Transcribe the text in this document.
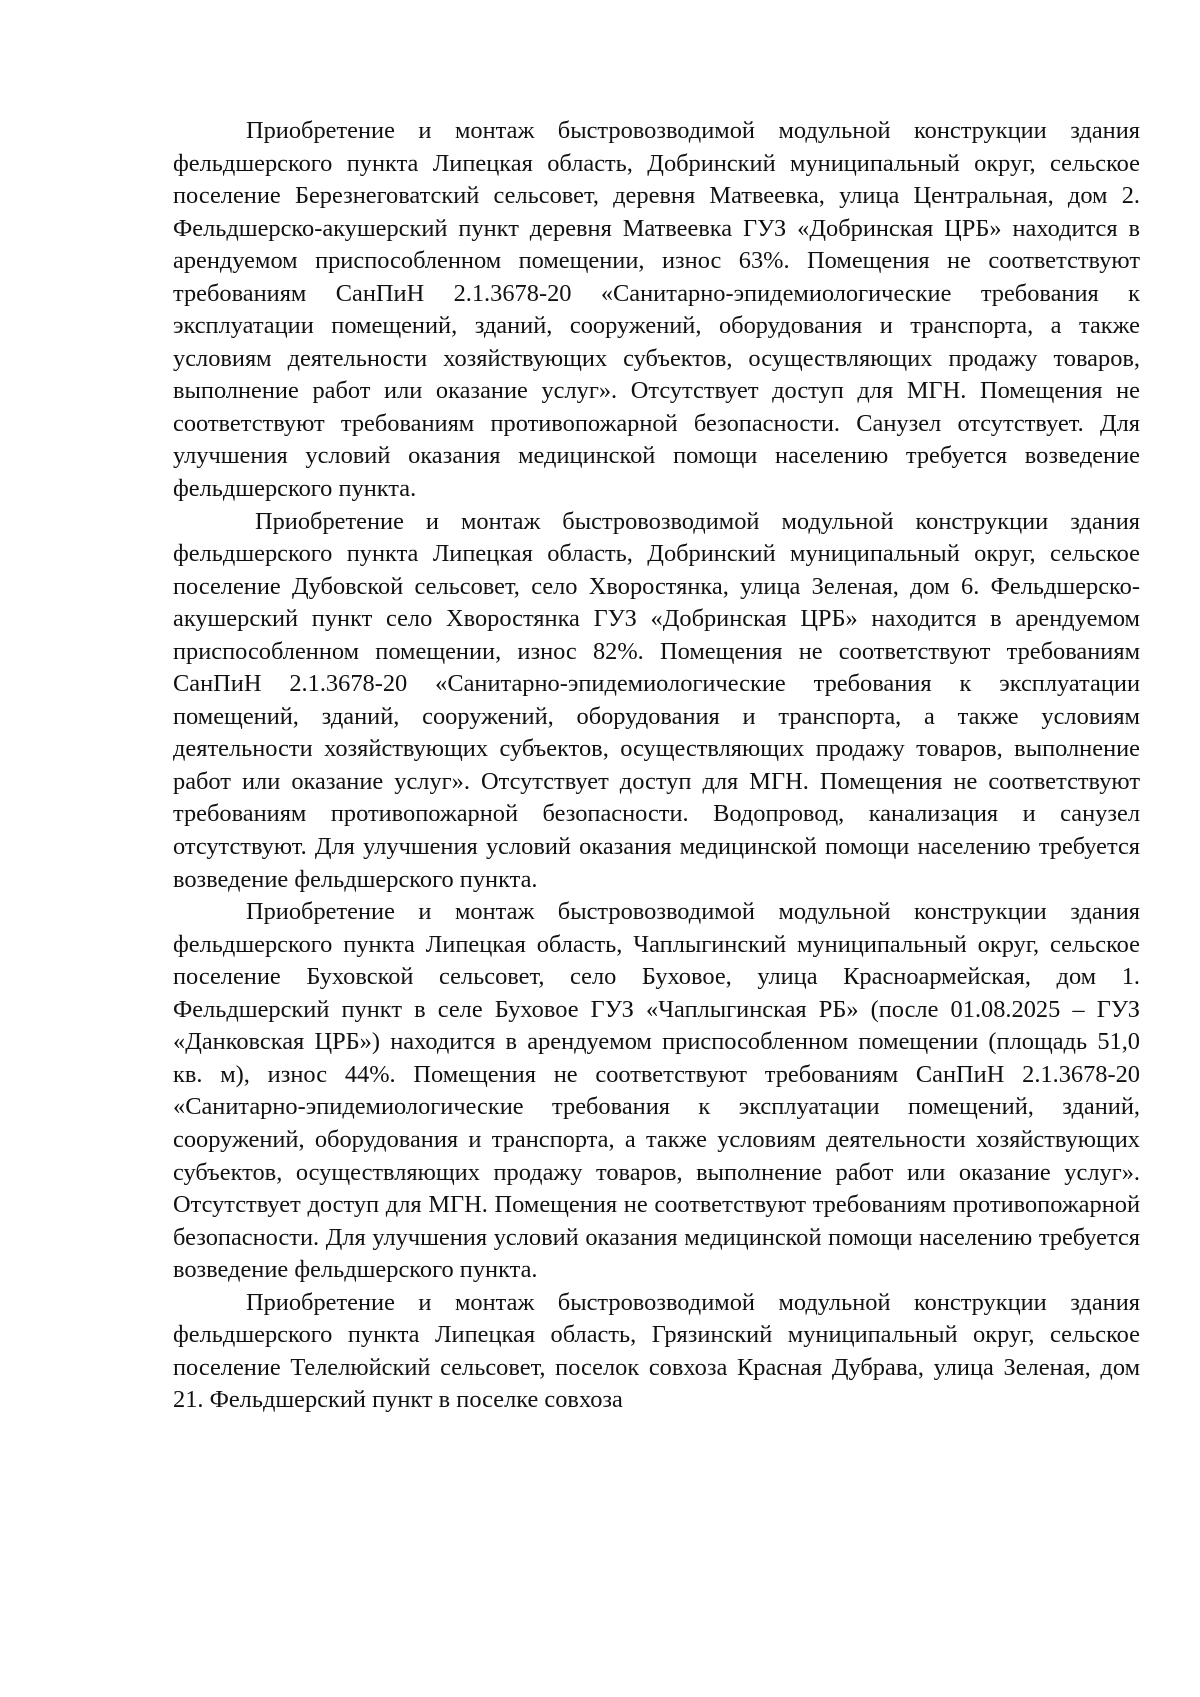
Приобретение и монтаж быстровозводимой модульной конструкции здания фельдшерского пункта Липецкая область, Добринский муниципальный округ, сельское поселение Березнеговатский сельсовет, деревня Матвеевка, улица Центральная, дом 2. Фельдшерско-акушерский пункт деревня Матвеевка ГУЗ «Добринская ЦРБ» находится в арендуемом приспособленном помещении, износ 63%. Помещения не соответствуют требованиям СанПиН 2.1.3678-20 «Санитарно-эпидемиологические требования к эксплуатации помещений, зданий, сооружений, оборудования и транспорта, а также условиям деятельности хозяйствующих субъектов, осуществляющих продажу товаров, выполнение работ или оказание услуг». Отсутствует доступ для МГН. Помещения не соответствуют требованиям противопожарной безопасности. Санузел отсутствует. Для улучшения условий оказания медицинской помощи населению требуется возведение фельдшерского пункта.

Приобретение и монтаж быстровозводимой модульной конструкции здания фельдшерского пункта Липецкая область, Добринский муниципальный округ, сельское поселение Дубовской сельсовет, село Хворостянка, улица Зеленая, дом 6. Фельдшерско-акушерский пункт село Хворостянка ГУЗ «Добринская ЦРБ» находится в арендуемом приспособленном помещении, износ 82%. Помещения не соответствуют требованиям СанПиН 2.1.3678-20 «Санитарно-эпидемиологические требования к эксплуатации помещений, зданий, сооружений, оборудования и транспорта, а также условиям деятельности хозяйствующих субъектов, осуществляющих продажу товаров, выполнение работ или оказание услуг». Отсутствует доступ для МГН. Помещения не соответствуют требованиям противопожарной безопасности. Водопровод, канализация и санузел отсутствуют. Для улучшения условий оказания медицинской помощи населению требуется возведение фельдшерского пункта.

Приобретение и монтаж быстровозводимой модульной конструкции здания фельдшерского пункта Липецкая область, Чаплыгинский муниципальный округ, сельское поселение Буховской сельсовет, село Буховое, улица Красноармейская, дом 1. Фельдшерский пункт в селе Буховое ГУЗ «Чаплыгинская РБ» (после 01.08.2025 – ГУЗ «Данковская ЦРБ») находится в арендуемом приспособленном помещении (площадь 51,0 кв. м), износ 44%. Помещения не соответствуют требованиям СанПиН 2.1.3678-20 «Санитарно-эпидемиологические требования к эксплуатации помещений, зданий, сооружений, оборудования и транспорта, а также условиям деятельности хозяйствующих субъектов, осуществляющих продажу товаров, выполнение работ или оказание услуг». Отсутствует доступ для МГН. Помещения не соответствуют требованиям противопожарной безопасности. Для улучшения условий оказания медицинской помощи населению требуется возведение фельдшерского пункта.

Приобретение и монтаж быстровозводимой модульной конструкции здания фельдшерского пункта Липецкая область, Грязинский муниципальный округ, сельское поселение Телелюйский сельсовет, поселок совхоза Красная Дубрава, улица Зеленая, дом 21. Фельдшерский пункт в поселке совхоза
